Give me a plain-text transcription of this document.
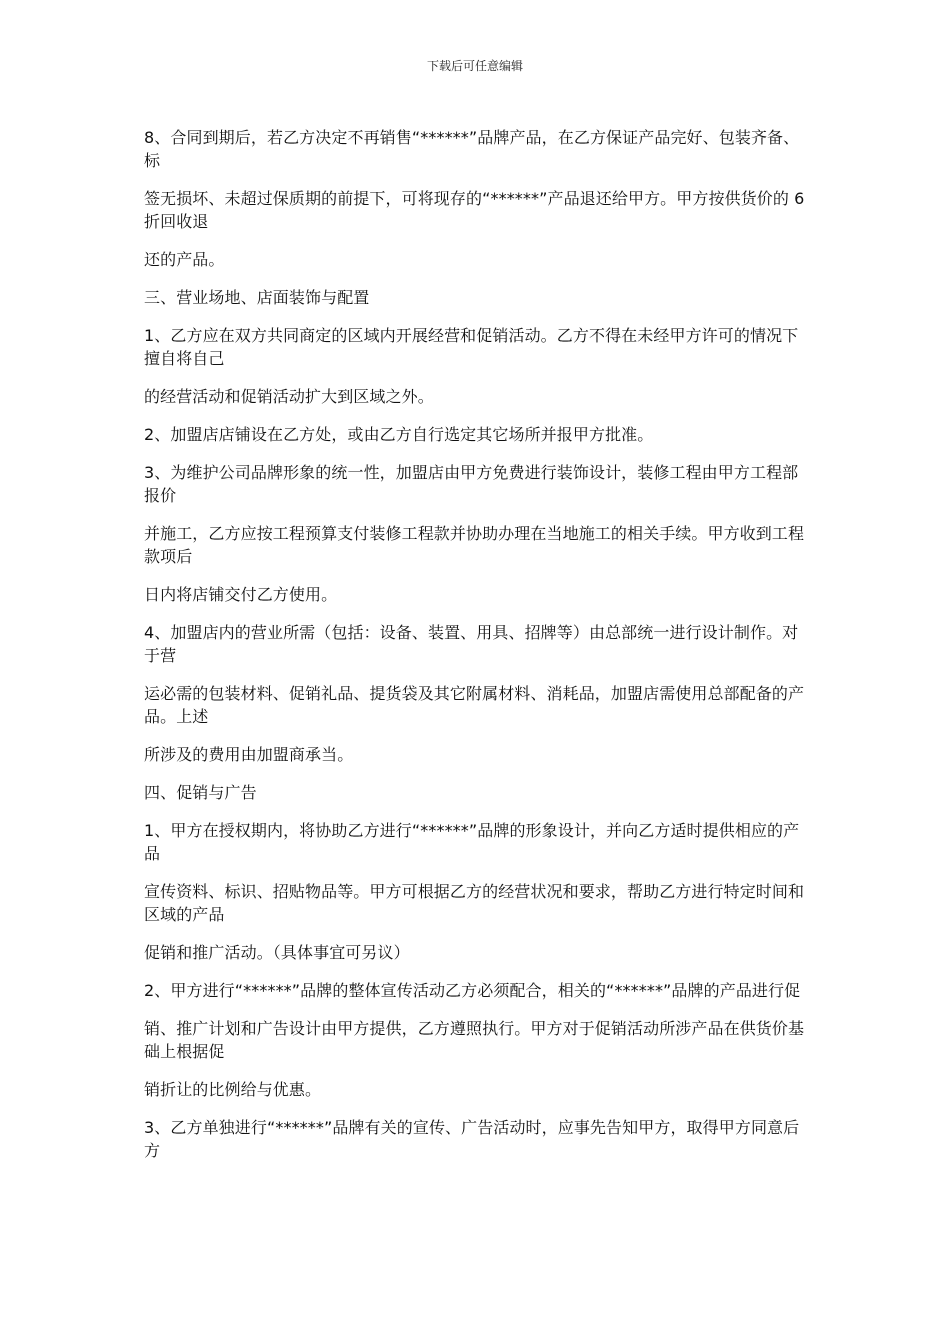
下载后可任意编辑

8、合同到期后，若乙方决定不再销售“******”品牌产品，在乙方保证产品完好、包装齐备、标

签无损坏、未超过保质期的前提下，可将现存的“******”产品退还给甲方。甲方按供货价的 6 折回收退

还的产品。

三、营业场地、店面装饰与配置

1、乙方应在双方共同商定的区域内开展经营和促销活动。乙方不得在未经甲方许可的情况下擅自将自己

的经营活动和促销活动扩大到区域之外。

2、加盟店店铺设在乙方处，或由乙方自行选定其它场所并报甲方批准。

3、为维护公司品牌形象的统一性，加盟店由甲方免费进行装饰设计，装修工程由甲方工程部报价

并施工，乙方应按工程预算支付装修工程款并协助办理在当地施工的相关手续。甲方收到工程款项后

日内将店铺交付乙方使用。

4、加盟店内的营业所需（包括：设备、装置、用具、招牌等）由总部统一进行设计制作。对于营

运必需的包装材料、促销礼品、提货袋及其它附属材料、消耗品，加盟店需使用总部配备的产品。上述

所涉及的费用由加盟商承当。

四、促销与广告

1、甲方在授权期内，将协助乙方进行“******”品牌的形象设计，并向乙方适时提供相应的产品

宣传资料、标识、招贴物品等。甲方可根据乙方的经营状况和要求，帮助乙方进行特定时间和区域的产品

促销和推广活动。（具体事宜可另议）

2、甲方进行“******”品牌的整体宣传活动乙方必须配合，相关的“******”品牌的产品进行促

销、推广计划和广告设计由甲方提供，乙方遵照执行。甲方对于促销活动所涉产品在供货价基础上根据促

销折让的比例给与优惠。

3、乙方单独进行“******”品牌有关的宣传、广告活动时，应事先告知甲方，取得甲方同意后方
